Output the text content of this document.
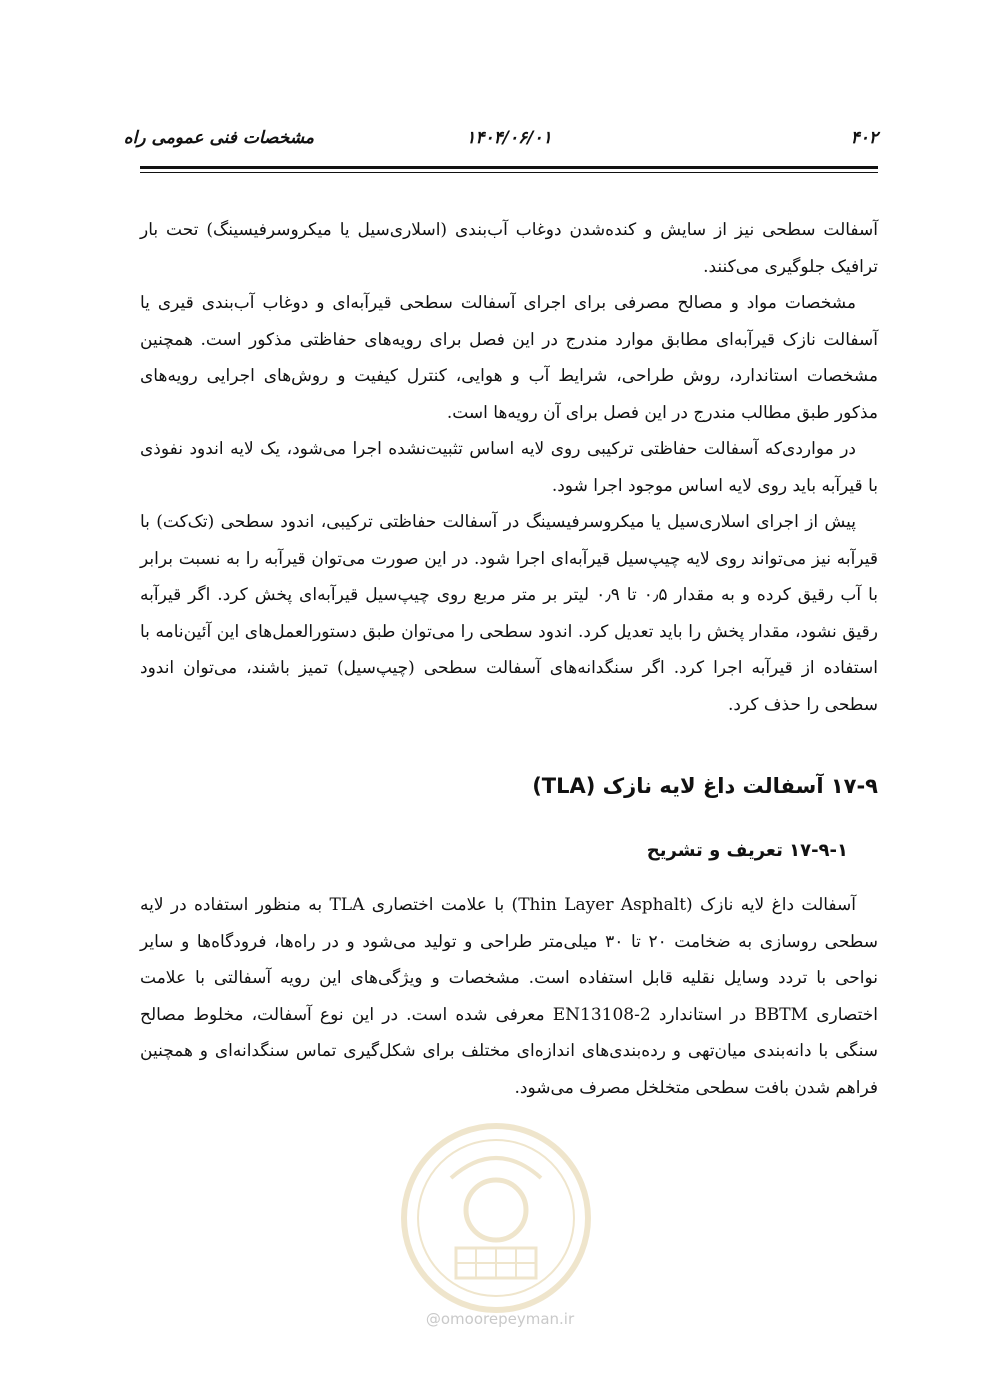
مشخصات فنی عمومی راه	۱۴۰۴/۰۶/۰۱	۴۰۲

آسفالت سطحی نیز از سایش و کنده‌شدن دوغاب آب‌بندی (اسلاری‌سیل یا میکروسرفیسینگ) تحت بار ترافیک جلوگیری می‌کنند.

مشخصات مواد و مصالح مصرفی برای اجرای آسفالت سطحی قیرآبه‌ای و دوغاب آب‌بندی قیری یا آسفالت نازک قیرآبه‌ای مطابق موارد مندرج در این فصل برای رویه‌های حفاظتی مذکور است. همچنین مشخصات استاندارد، روش طراحی، شرایط آب و هوایی، کنترل کیفیت و روش‌های اجرایی رویه‌های مذکور طبق مطالب مندرج در این فصل برای آن رویه‌ها است.

در مواردی‌که آسفالت حفاظتی ترکیبی روی لایه اساس تثبیت‌نشده اجرا می‌شود، یک لایه اندود نفوذی با قیرآبه باید روی لایه اساس موجود اجرا شود.

پیش از اجرای اسلاری‌سیل یا میکروسرفیسینگ در آسفالت حفاظتی ترکیبی، اندود سطحی (تک‌کت) با قیرآبه نیز می‌تواند روی لایه چیپ‌سیل قیرآبه‌ای اجرا شود. در این صورت می‌توان قیرآبه را به نسبت برابر با آب رقیق کرده و به مقدار ۰٫۵ تا ۰٫۹ لیتر بر متر مربع روی چیپ‌سیل قیرآبه‌ای پخش کرد. اگر قیرآبه رقیق نشود، مقدار پخش را باید تعدیل کرد. اندود سطحی را می‌توان طبق دستورالعمل‌های این آئین‌نامه با استفاده از قیرآبه اجرا کرد. اگر سنگدانه‌های آسفالت سطحی (چیپ‌سیل) تمیز باشند، می‌توان اندود سطحی را حذف کرد.

۱۷-۹ آسفالت داغ لایه نازک (TLA)
۱۷-۹-۱ تعریف و تشریح

آسفالت داغ لایه نازک (Thin Layer Asphalt) با علامت اختصاری TLA به منظور استفاده در لایه سطحی روسازی به ضخامت ۲۰ تا ۳۰ میلی‌متر طراحی و تولید می‌شود و در راه‌ها، فرودگاه‌ها و سایر نواحی با تردد وسایل نقلیه قابل استفاده است. مشخصات و ویژگی‌های این رویه آسفالتی با علامت اختصاری BBTM در استاندارد EN13108-2 معرفی شده است. در این نوع آسفالت، مخلوط مصالح سنگی با دانه‌بندی میان‌تهی و رده‌بندی‌های اندازه‌ای مختلف برای شکل‌گیری تماس سنگدانه‌ای و همچنین فراهم شدن بافت سطحی متخلخل مصرف می‌شود.

@omoorepeyman.ir
